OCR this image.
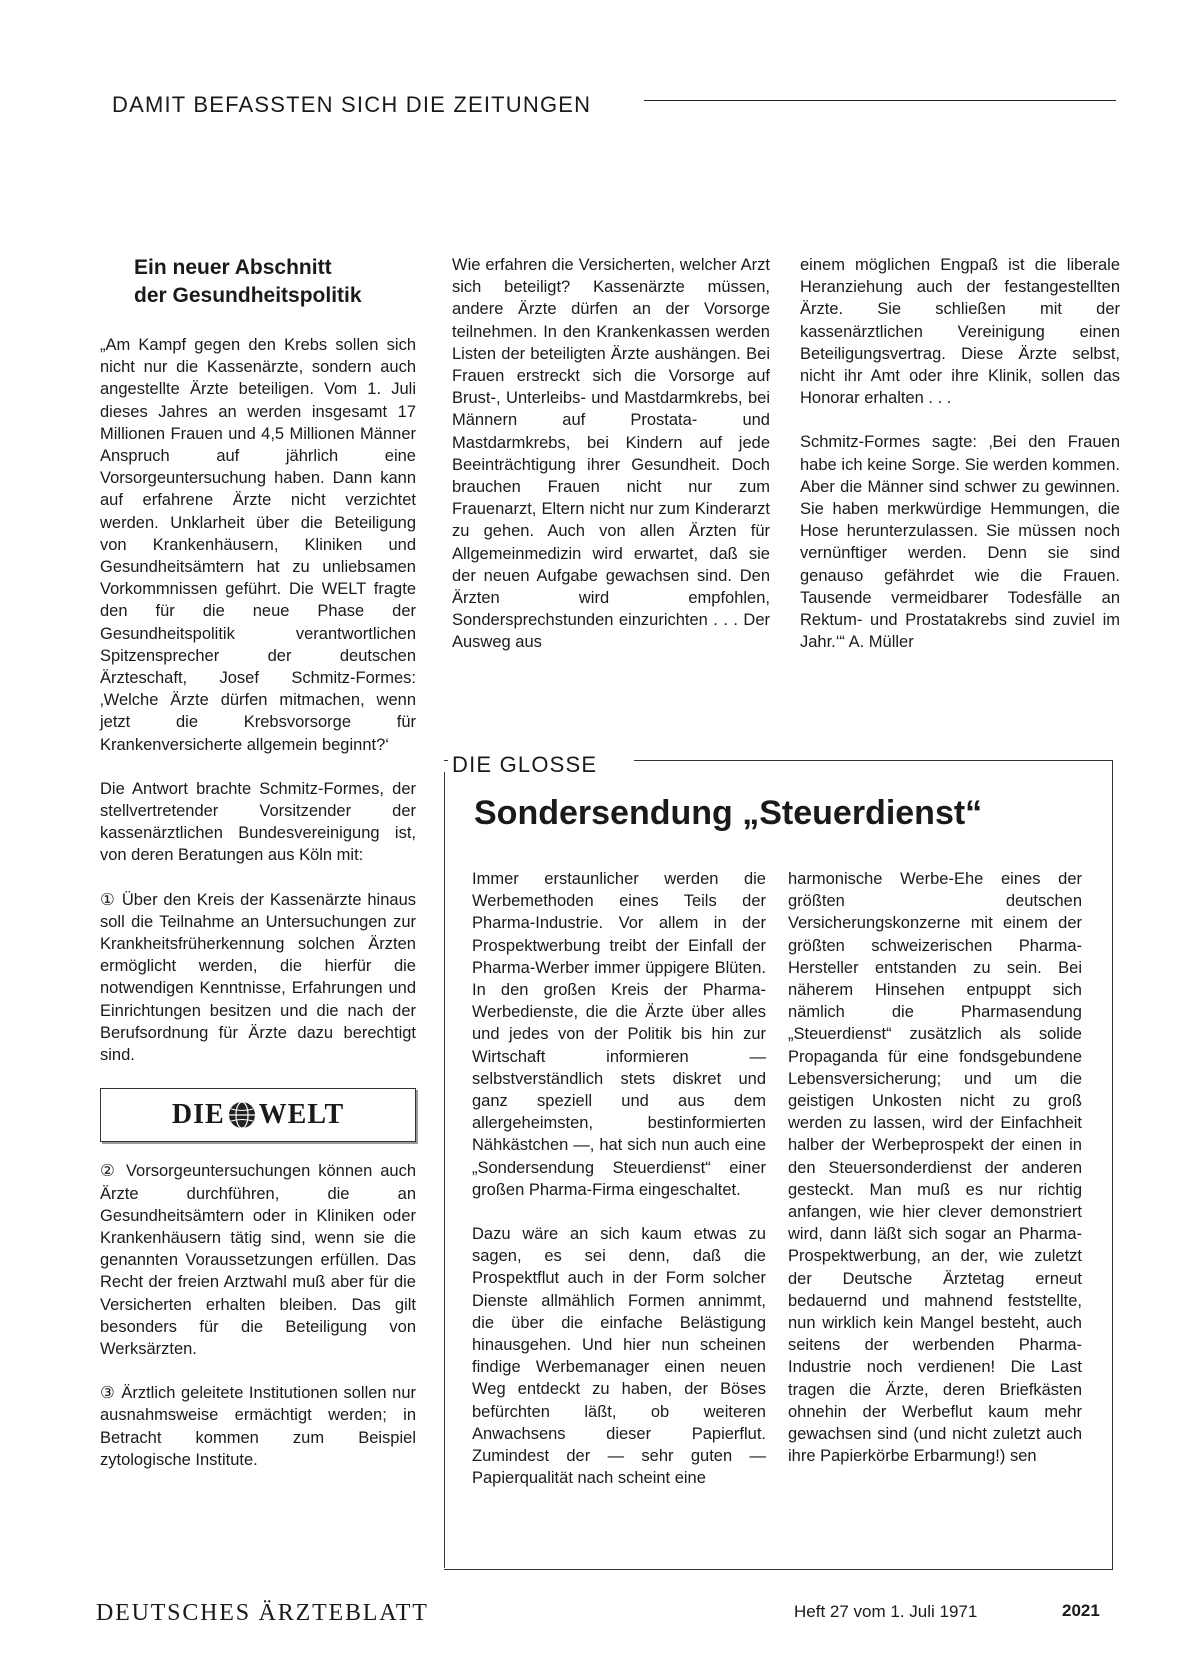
DAMIT BEFASSTEN SICH DIE ZEITUNGEN
Ein neuer Abschnitt
der Gesundheitspolitik

„Am Kampf gegen den Krebs sollen sich nicht nur die Kassenärzte, sondern auch angestellte Ärzte beteiligen. Vom 1. Juli dieses Jahres an werden insgesamt 17 Millionen Frauen und 4,5 Millionen Männer Anspruch auf jährlich eine Vorsorgeuntersuchung haben. Dann kann auf erfahrene Ärzte nicht verzichtet werden. Unklarheit über die Beteiligung von Krankenhäusern, Kliniken und Gesundheitsämtern hat zu unliebsamen Vorkommnissen geführt. Die WELT fragte den für die neue Phase der Gesundheitspolitik verantwortlichen Spitzensprecher der deutschen Ärzteschaft, Josef Schmitz-Formes: ‚Welche Ärzte dürfen mitmachen, wenn jetzt die Krebsvorsorge für Krankenversicherte allgemein beginnt?‘

Die Antwort brachte Schmitz-Formes, der stellvertretender Vorsitzender der kassenärztlichen Bundesvereinigung ist, von deren Beratungen aus Köln mit:

① Über den Kreis der Kassenärzte hinaus soll die Teilnahme an Untersuchungen zur Krankheitsfrüherkennung solchen Ärzten ermöglicht werden, die hierfür die notwendigen Kenntnisse, Erfahrungen und Einrichtungen besitzen und die nach der Berufsordnung für Ärzte dazu berechtigt sind.

DIE WELT

② Vorsorgeuntersuchungen können auch Ärzte durchführen, die an Gesundheitsämtern oder in Kliniken oder Krankenhäusern tätig sind, wenn sie die genannten Voraussetzungen erfüllen. Das Recht der freien Arztwahl muß aber für die Versicherten erhalten bleiben. Das gilt besonders für die Beteiligung von Werksärzten.

③ Ärztlich geleitete Institutionen sollen nur ausnahmsweise ermächtigt werden; in Betracht kommen zum Beispiel zytologische Institute.

Wie erfahren die Versicherten, welcher Arzt sich beteiligt? Kassenärzte müssen, andere Ärzte dürfen an der Vorsorge teilnehmen. In den Krankenkassen werden Listen der beteiligten Ärzte aushängen. Bei Frauen erstreckt sich die Vorsorge auf Brust-, Unterleibs- und Mastdarmkrebs, bei Männern auf Prostata- und Mastdarmkrebs, bei Kindern auf jede Beeinträchtigung ihrer Gesundheit. Doch brauchen Frauen nicht nur zum Frauenarzt, Eltern nicht nur zum Kinderarzt zu gehen. Auch von allen Ärzten für Allgemeinmedizin wird erwartet, daß sie der neuen Aufgabe gewachsen sind. Den Ärzten wird empfohlen, Sondersprechstunden einzurichten . . . Der Ausweg aus

einem möglichen Engpaß ist die liberale Heranziehung auch der festangestellten Ärzte. Sie schließen mit der kassenärztlichen Vereinigung einen Beteiligungsvertrag. Diese Ärzte selbst, nicht ihr Amt oder ihre Klinik, sollen das Honorar erhalten . . .

Schmitz-Formes sagte: ‚Bei den Frauen habe ich keine Sorge. Sie werden kommen. Aber die Männer sind schwer zu gewinnen. Sie haben merkwürdige Hemmungen, die Hose herunterzulassen. Sie müssen noch vernünftiger werden. Denn sie sind genauso gefährdet wie die Frauen. Tausende vermeidbarer Todesfälle an Rektum- und Prostatakrebs sind zuviel im Jahr.‘“ A. Müller

DIE GLOSSE
Sondersendung „Steuerdienst“

Immer erstaunlicher werden die Werbemethoden eines Teils der Pharma-Industrie. Vor allem in der Prospektwerbung treibt der Einfall der Pharma-Werber immer üppigere Blüten. In den großen Kreis der Pharma-Werbedienste, die die Ärzte über alles und jedes von der Politik bis hin zur Wirtschaft informieren — selbstverständlich stets diskret und ganz speziell und aus dem allergeheimsten, bestinformierten Nähkästchen —, hat sich nun auch eine „Sondersendung Steuerdienst“ einer großen Pharma-Firma eingeschaltet.

Dazu wäre an sich kaum etwas zu sagen, es sei denn, daß die Prospektflut auch in der Form solcher Dienste allmählich Formen annimmt, die über die einfache Belästigung hinausgehen. Und hier nun scheinen findige Werbemanager einen neuen Weg entdeckt zu haben, der Böses befürchten läßt, ob weiteren Anwachsens dieser Papierflut. Zumindest der — sehr guten — Papierqualität nach scheint eine

harmonische Werbe-Ehe eines der größten deutschen Versicherungskonzerne mit einem der größten schweizerischen Pharma-Hersteller entstanden zu sein. Bei näherem Hinsehen entpuppt sich nämlich die Pharmasendung „Steuerdienst“ zusätzlich als solide Propaganda für eine fondsgebundene Lebensversicherung; und um die geistigen Unkosten nicht zu groß werden zu lassen, wird der Einfachheit halber der Werbeprospekt der einen in den Steuersonderdienst der anderen gesteckt. Man muß es nur richtig anfangen, wie hier clever demonstriert wird, dann läßt sich sogar an Pharma-Prospektwerbung, an der, wie zuletzt der Deutsche Ärztetag erneut bedauernd und mahnend feststellte, nun wirklich kein Mangel besteht, auch seitens der werbenden Pharma-Industrie noch verdienen! Die Last tragen die Ärzte, deren Briefkästen ohnehin der Werbeflut kaum mehr gewachsen sind (und nicht zuletzt auch ihre Papierkörbe Erbarmung!) sen

DEUTSCHES ÄRZTEBLATT	Heft 27 vom 1. Juli 1971	2021
